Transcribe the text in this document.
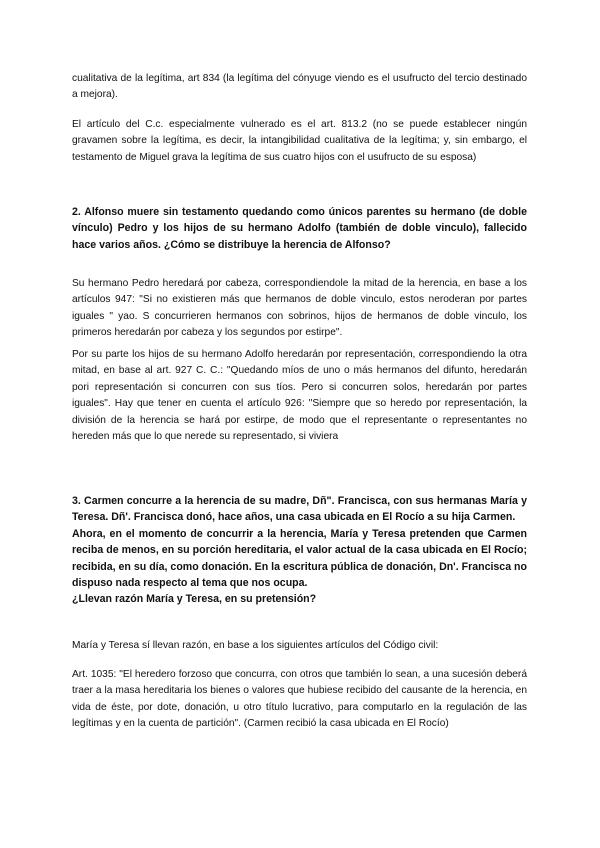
cualitativa de la legítima, art 834 (la legítima del cónyuge viendo es el usufructo del tercio destinado a mejora).

El artículo del C.c. especialmente vulnerado es el art. 813.2 (no se puede establecer ningún gravamen sobre la legítima, es decir, la intangibilidad cualitativa de la legítima; y, sin embargo, el testamento de Miguel grava la legítima de sus cuatro hijos con el usufructo de su esposa)

2. Alfonso muere sin testamento quedando como únicos parentes su hermano (de doble vínculo) Pedro y los hijos de su hermano Adolfo (también de doble vinculo), fallecido hace varios años. ¿Cómo se distribuye la herencia de Alfonso?

Su hermano Pedro heredará por cabeza, correspondiendole la mitad de la herencia, en base a los artículos 947: "Si no existieren más que hermanos de doble vinculo, estos neroderan por partes iguales " yao. S concurrieren hermanos con sobrinos, hijos de hermanos de doble vinculo, los primeros heredarán por cabeza y los segundos por estirpe".

Por su parte los hijos de su hermano Adolfo heredarán por representación, correspondiendo la otra mitad, en base al art. 927 C. C.: "Quedando míos de uno o más hermanos del difunto, heredarán pori representación si concurren con sus tíos. Pero si concurren solos, heredarán por partes iguales". Hay que tener en cuenta el artículo 926: "Siempre que so heredo por representación, la división de la herencia se hará por estirpe, de modo que el representante o representantes no hereden más que lo que nerede su representado, si viviera

3. Carmen concurre a la herencia de su madre, Dñ". Francisca, con sus hermanas María y Teresa. Dñ'. Francisca donó, hace años, una casa ubicada en El Rocío a su hija Carmen.

Ahora, en el momento de concurrir a la herencia, María y Teresa pretenden que Carmen reciba de menos, en su porción hereditaria, el valor actual de la casa ubicada en El Rocío; recibida, en su día, como donación. En la escritura pública de donación, Dn'. Francisca no dispuso nada respecto al tema que nos ocupa.

¿Llevan razón María y Teresa, en su pretensión?

María y Teresa sí llevan razón, en base a los siguientes artículos del Código civil:

Art. 1035: "El heredero forzoso que concurra, con otros que también lo sean, a una sucesión deberá traer a la masa hereditaria los bienes o valores que hubiese recibido del causante de la herencia, en vida de éste, por dote, donación, u otro título lucrativo, para computarlo en la regulación de las legítimas y en la cuenta de partición". (Carmen recibió la casa ubicada en El Rocío)
